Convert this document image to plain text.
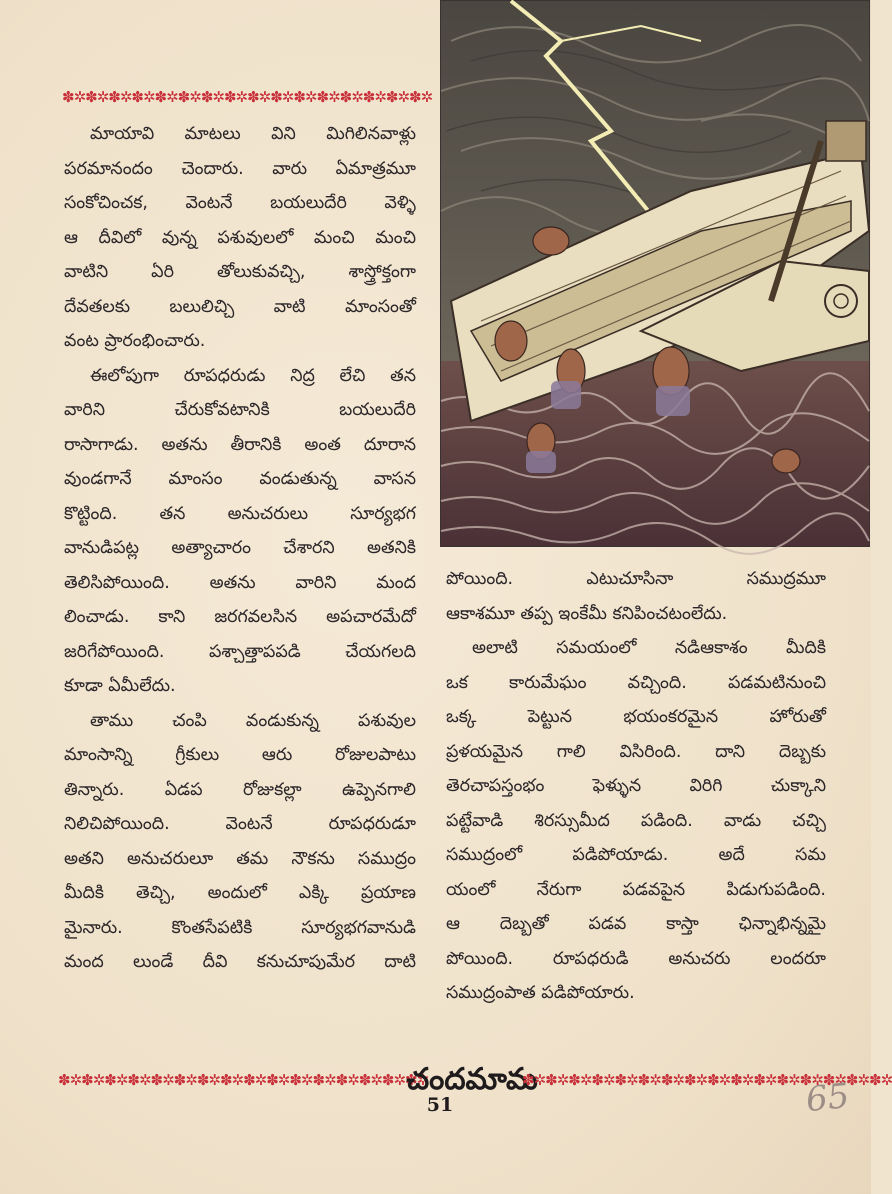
✽✲✽✲✽✲✽✲✽✲✽✲✽✲✽✲✽✲✽✲✽✲✽✲✽✲✽✲✽✲✽✲

మాయావి మాటలు విని మిగిలినవాళ్లు

పరమానందం చెందారు. వారు ఏమాత్రమూ

సంకోచించక, వెంటనే బయలుదేరి వెళ్ళి

ఆ దీవిలో వున్న పశువులలో మంచి మంచి

వాటిని ఏరి తోలుకువచ్చి, శాస్త్రోక్తంగా

దేవతలకు బలులిచ్చి వాటి మాంసంతో

వంట ప్రారంభించారు.

ఈలోపుగా రూపధరుడు నిద్ర లేచి తన

వారిని చేరుకోవటానికి బయలుదేరి

రాసాగాడు. అతను తీరానికి అంత దూరాన

వుండగానే మాంసం వండుతున్న వాసన

కొట్టింది. తన అనుచరులు సూర్యభగ

వానుడిపట్ల అత్యాచారం చేశారని అతనికి

తెలిసిపోయింది. అతను వారిని మంద

లించాడు. కాని జరగవలసిన అపచారమేదో

జరిగేపోయింది. పశ్చాత్తాపపడి చేయగలది

కూడా ఏమీలేదు.

తాము చంపి వండుకున్న పశువుల

మాంసాన్ని గ్రీకులు ఆరు రోజులపాటు

తిన్నారు. ఏడప రోజుకల్లా ఉప్పెనగాలి

నిలిచిపోయింది. వెంటనే రూపధరుడూ

అతని అనుచరులూ తమ నౌకను సముద్రం

మీదికి తెచ్చి, అందులో ఎక్కి ప్రయాణ

మైనారు. కొంతసేపటికి సూర్యభగవానుడి

మంద లుండే దీవి కనుచూపుమేర దాటి

పోయింది. ఎటుచూసినా సముద్రమూ

ఆకాశమూ తప్ప ఇంకేమీ కనిపించటంలేదు.

అలాటి సమయంలో నడిఆకాశం మీదికి

ఒక కారుమేఘం వచ్చింది. పడమటినుంచి

ఒక్క పెట్టున భయంకరమైన హోరుతో

ప్రళయమైన గాలి విసిరింది. దాని దెబ్బకు

తెరచాపస్తంభం ఫెళ్ళున విరిగి చుక్కాని

పట్టేవాడి శిరస్సుమీద పడింది. వాడు చచ్చి

సముద్రంలో పడిపోయాడు. అదే సమ

యంలో నేరుగా పడవపైన పిడుగుపడింది.

ఆ దెబ్బతో పడవ కాస్తా ఛిన్నాభిన్నమై

పోయింది. రూపధరుడి అనుచరు లందరూ

సముద్రంపాత పడిపోయారు.

✽✲✽✲✽✲✽✲✽✲✽✲✽✲✽✲✽✲✽✲✽✲✽✲✽✲✽✲✽✲✽✲
చందమామ
✽✲✽✲✽✲✽✲✽✲✽✲✽✲✽✲✽✲✽✲✽✲✽✲✽✲✽✲✽✲✽✲
51	65
